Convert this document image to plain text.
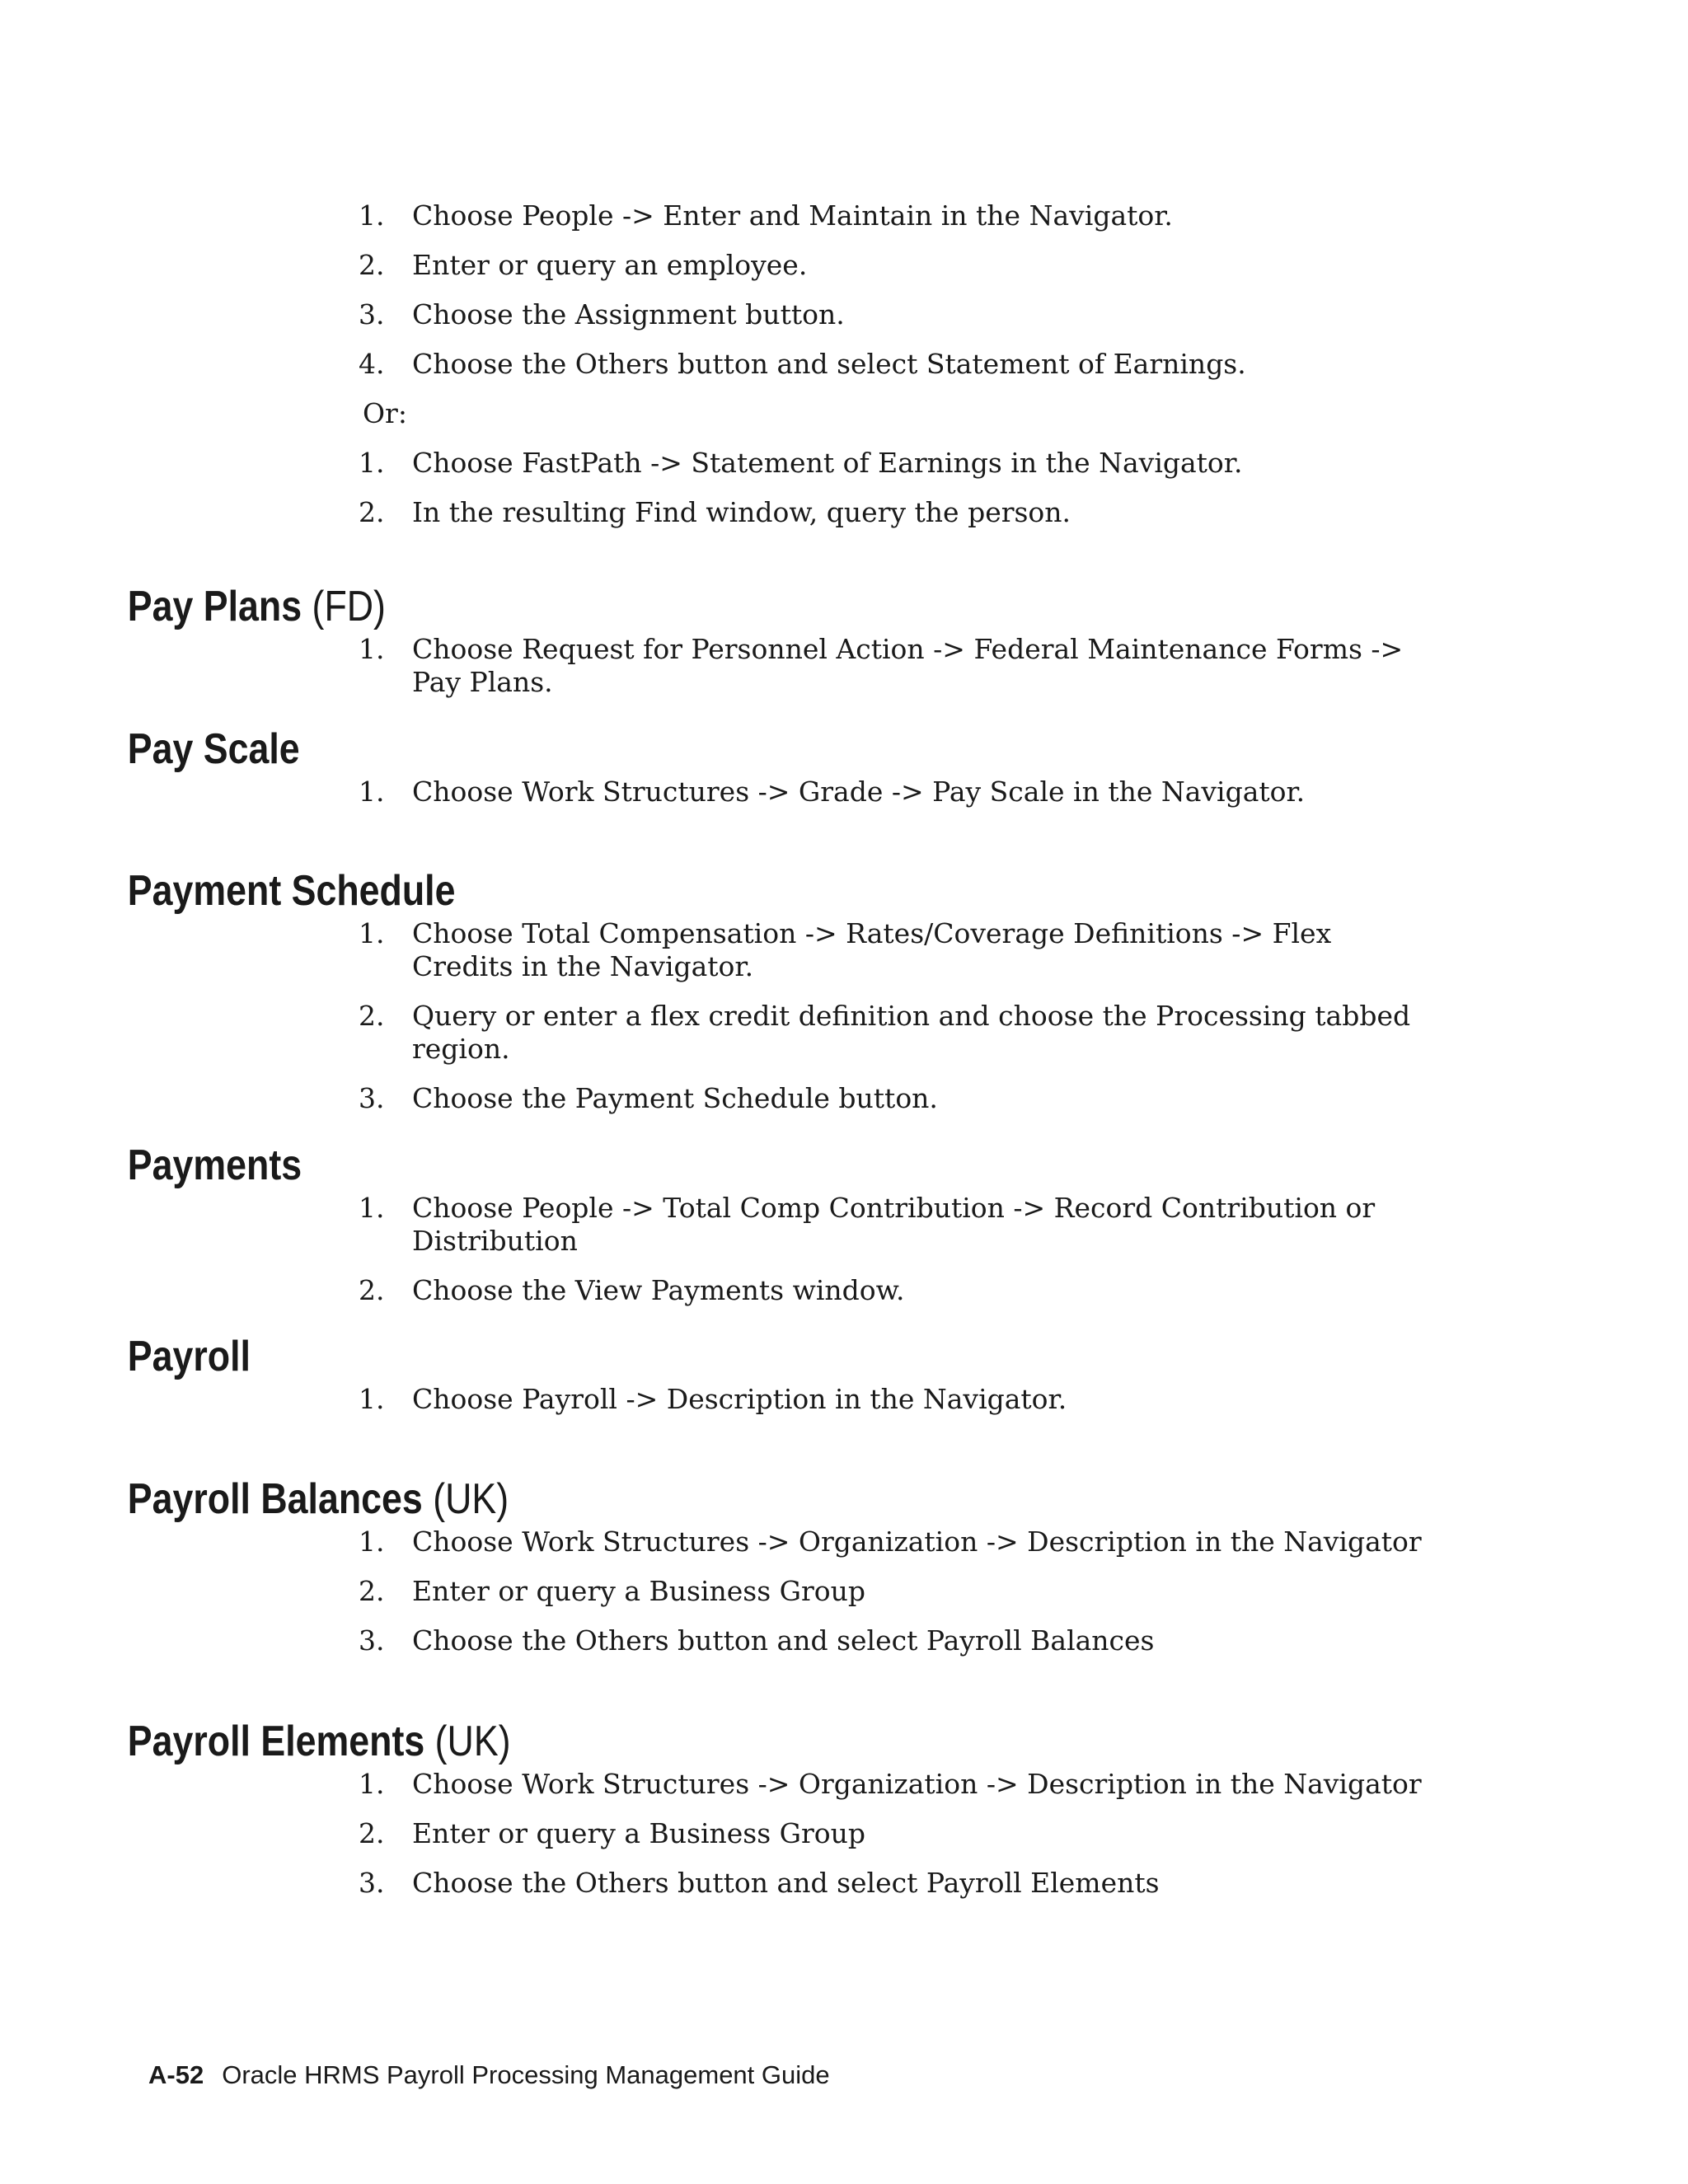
1. Choose People -> Enter and Maintain in the Navigator.
2. Enter or query an employee.
3. Choose the Assignment button.
4. Choose the Others button and select Statement of Earnings.
Or:
1. Choose FastPath -> Statement of Earnings in the Navigator.
2. In the resulting Find window, query the person.
Pay Plans (FD)
1. Choose Request for Personnel Action -> Federal Maintenance Forms -> Pay Plans.
Pay Scale
1. Choose Work Structures -> Grade -> Pay Scale in the Navigator.
Payment Schedule
1. Choose Total Compensation -> Rates/Coverage Definitions -> Flex Credits in the Navigator.
2. Query or enter a flex credit definition and choose the Processing tabbed region.
3. Choose the Payment Schedule button.
Payments
1. Choose People -> Total Comp Contribution -> Record Contribution or Distribution
2. Choose the View Payments window.
Payroll
1. Choose Payroll -> Description in the Navigator.
Payroll Balances (UK)
1. Choose Work Structures -> Organization -> Description in the Navigator
2. Enter or query a Business Group
3. Choose the Others button and select Payroll Balances
Payroll Elements (UK)
1. Choose Work Structures -> Organization -> Description in the Navigator
2. Enter or query a Business Group
3. Choose the Others button and select Payroll Elements
A-52 Oracle HRMS Payroll Processing Management Guide
